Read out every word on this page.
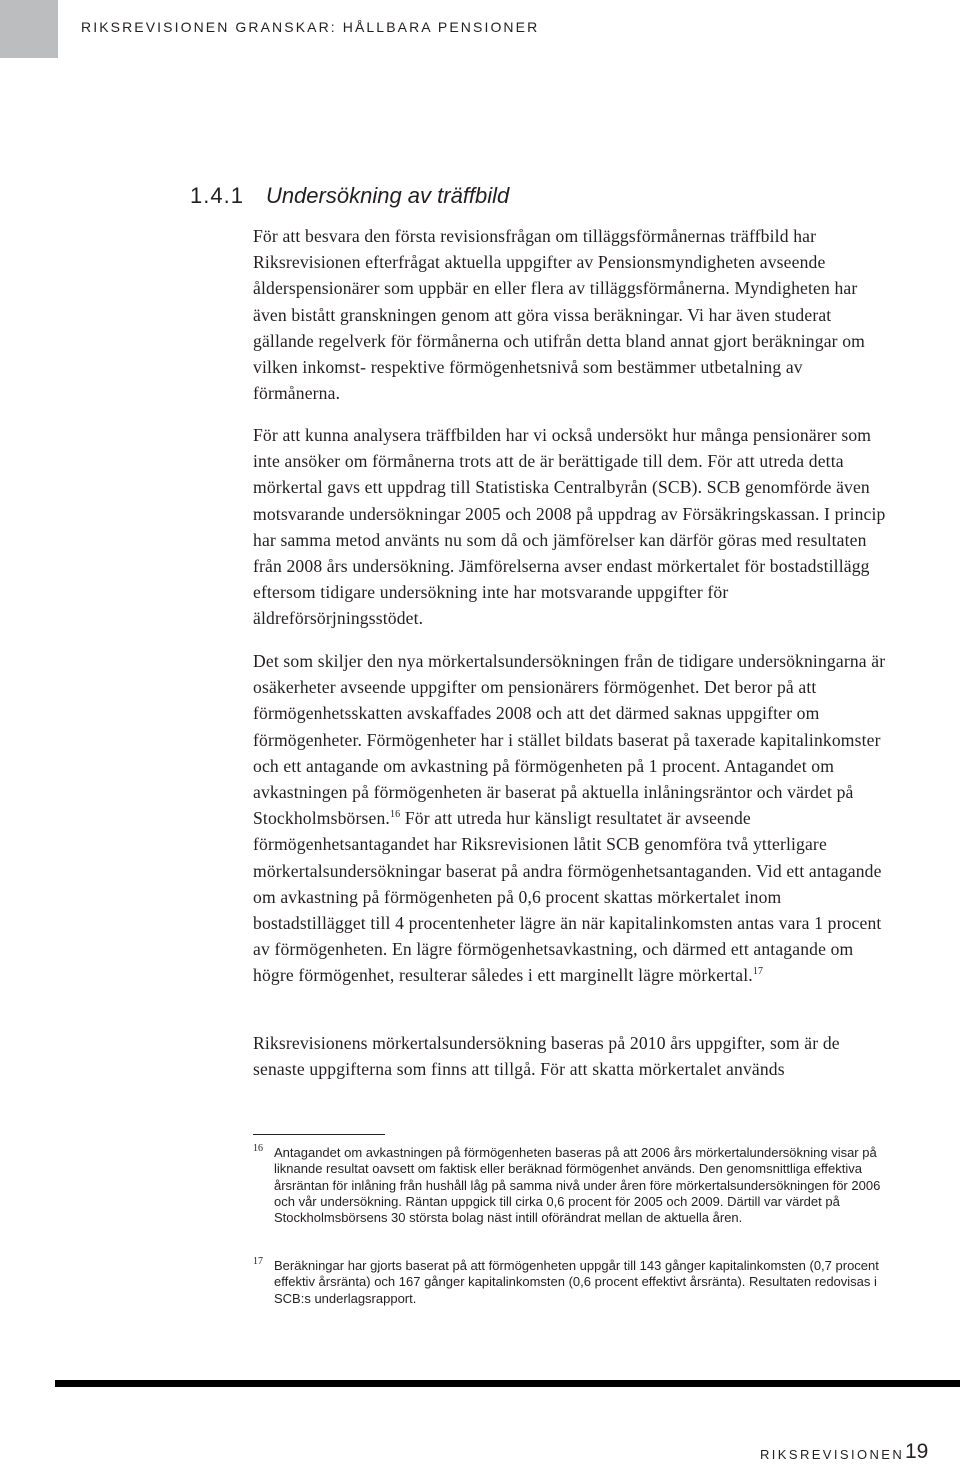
RIKSREVISIONEN GRANSKAR: HÅLLBARA PENSIONER
1.4.1 Undersökning av träffbild

För att besvara den första revisionsfrågan om tilläggsförmånernas träffbild har Riksrevisionen efterfrågat aktuella uppgifter av Pensionsmyndigheten avseende ålderspensionärer som uppbär en eller flera av tilläggsförmånerna. Myndigheten har även bistått granskningen genom att göra vissa beräkningar. Vi har även studerat gällande regelverk för förmånerna och utifrån detta bland annat gjort beräkningar om vilken inkomst- respektive förmögenhetsnivå som bestämmer utbetalning av förmånerna.

För att kunna analysera träffbilden har vi också undersökt hur många pensionärer som inte ansöker om förmånerna trots att de är berättigade till dem. För att utreda detta mörkertal gavs ett uppdrag till Statistiska Centralbyrån (SCB). SCB genomförde även motsvarande undersökningar 2005 och 2008 på uppdrag av Försäkringskassan. I princip har samma metod använts nu som då och jämförelser kan därför göras med resultaten från 2008 års undersökning. Jämförelserna avser endast mörkertalet för bostadstillägg eftersom tidigare undersökning inte har motsvarande uppgifter för äldreförsörjningsstödet.

Det som skiljer den nya mörkertalsundersökningen från de tidigare undersökningarna är osäkerheter avseende uppgifter om pensionärers förmögenhet. Det beror på att förmögenhetsskatten avskaffades 2008 och att det därmed saknas uppgifter om förmögenheter. Förmögenheter har i stället bildats baserat på taxerade kapitalinkomster och ett antagande om avkastning på förmögenheten på 1 procent. Antagandet om avkastningen på förmögenheten är baserat på aktuella inlåningsräntor och värdet på Stockholmsbörsen.$^{16}$ För att utreda hur känsligt resultatet är avseende förmögenhetsantagandet har Riksrevisionen låtit SCB genomföra två ytterligare mörkertalsundersökningar baserat på andra förmögenhetsantaganden. Vid ett antagande om avkastning på förmögenheten på 0,6 procent skattas mörkertalet inom bostadstillägget till 4 procentenheter lägre än när kapitalinkomsten antas vara 1 procent av förmögenheten. En lägre förmögenhetsavkastning, och därmed ett antagande om högre förmögenhet, resulterar således i ett marginellt lägre mörkertal.$^{17}$

Riksrevisionens mörkertalsundersökning baseras på 2010 års uppgifter, som är de senaste uppgifterna som finns att tillgå. För att skatta mörkertalet används

$^{16}$ Antagandet om avkastningen på förmögenheten baseras på att 2006 års mörkertalundersökning visar på liknande resultat oavsett om faktisk eller beräknad förmögenhet används. Den genomsnittliga effektiva årsräntan för inlåning från hushåll låg på samma nivå under åren före mörkertalsundersökningen för 2006 och vår undersökning. Räntan uppgick till cirka 0,6 procent för 2005 och 2009. Därtill var värdet på Stockholmsbörsens 30 största bolag näst intill oförändrat mellan de aktuella åren.

$^{17}$ Beräkningar har gjorts baserat på att förmögenheten uppgår till 143 gånger kapitalinkomsten (0,7 procent effektiv årsränta) och 167 gånger kapitalinkomsten (0,6 procent effektivt årsränta). Resultaten redovisas i SCB:s underlagsrapport.

RIKSREVISIONEN 19
